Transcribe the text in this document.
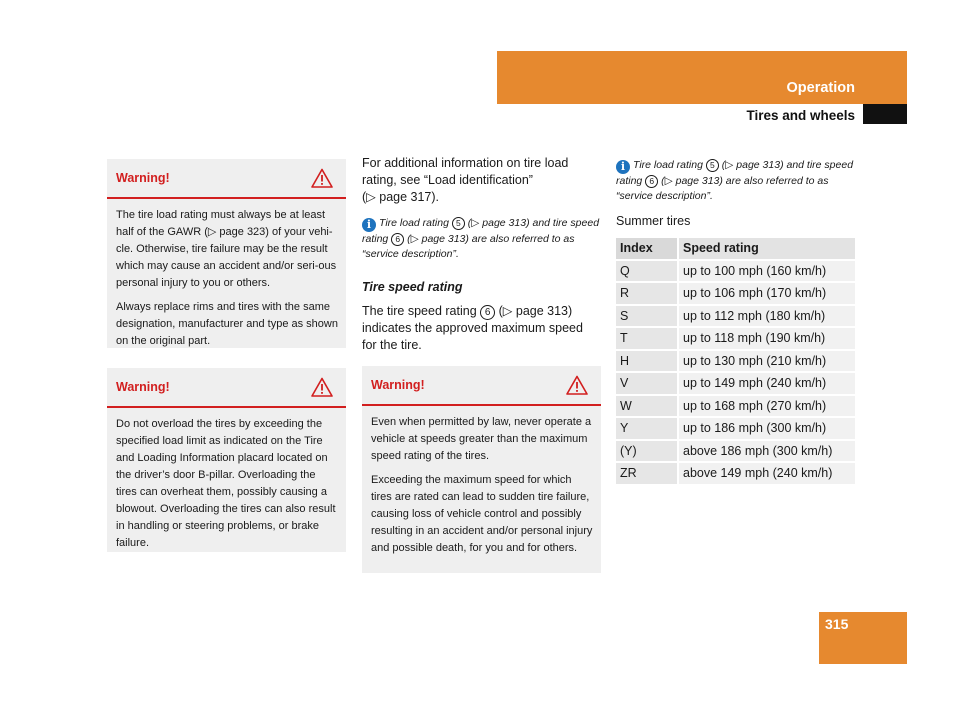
Operation
Tires and wheels
Warning!

The tire load rating must always be at least half of the GAWR (▷ page 323) of your vehi-cle. Otherwise, tire failure may be the result which may cause an accident and/or seri-ous personal injury to you or others.

Always replace rims and tires with the same designation, manufacturer and type as shown on the original part.

Warning!

Do not overload the tires by exceeding the specified load limit as indicated on the Tire and Loading Information placard located on the driver’s door B-pillar. Overloading the tires can overheat them, possibly causing a blowout. Overloading the tires can also result in handling or steering problems, or brake failure.

For additional information on tire load rating, see “Load identification”
(▷ page 317).

i Tire load rating 5 (▷ page 313) and tire speed rating 6 (▷ page 313) are also referred to as “service description”.

Tire speed rating

The tire speed rating 6 (▷ page 313) indicates the approved maximum speed for the tire.

Warning!

Even when permitted by law, never operate a vehicle at speeds greater than the maximum speed rating of the tires.

Exceeding the maximum speed for which tires are rated can lead to sudden tire failure, causing loss of vehicle control and possibly resulting in an accident and/or personal injury and possible death, for you and for others.

i Tire load rating 5 (▷ page 313) and tire speed rating 6 (▷ page 313) are also referred to as “service description”.

Summer tires

Index	Speed rating
Q	up to 100 mph (160 km/h)
R	up to 106 mph (170 km/h)
S	up to 112 mph (180 km/h)
T	up to 118 mph (190 km/h)
H	up to 130 mph (210 km/h)
V	up to 149 mph (240 km/h)
W	up to 168 mph (270 km/h)
Y	up to 186 mph (300 km/h)
(Y)	above 186 mph (300 km/h)
ZR	above 149 mph (240 km/h)
315
